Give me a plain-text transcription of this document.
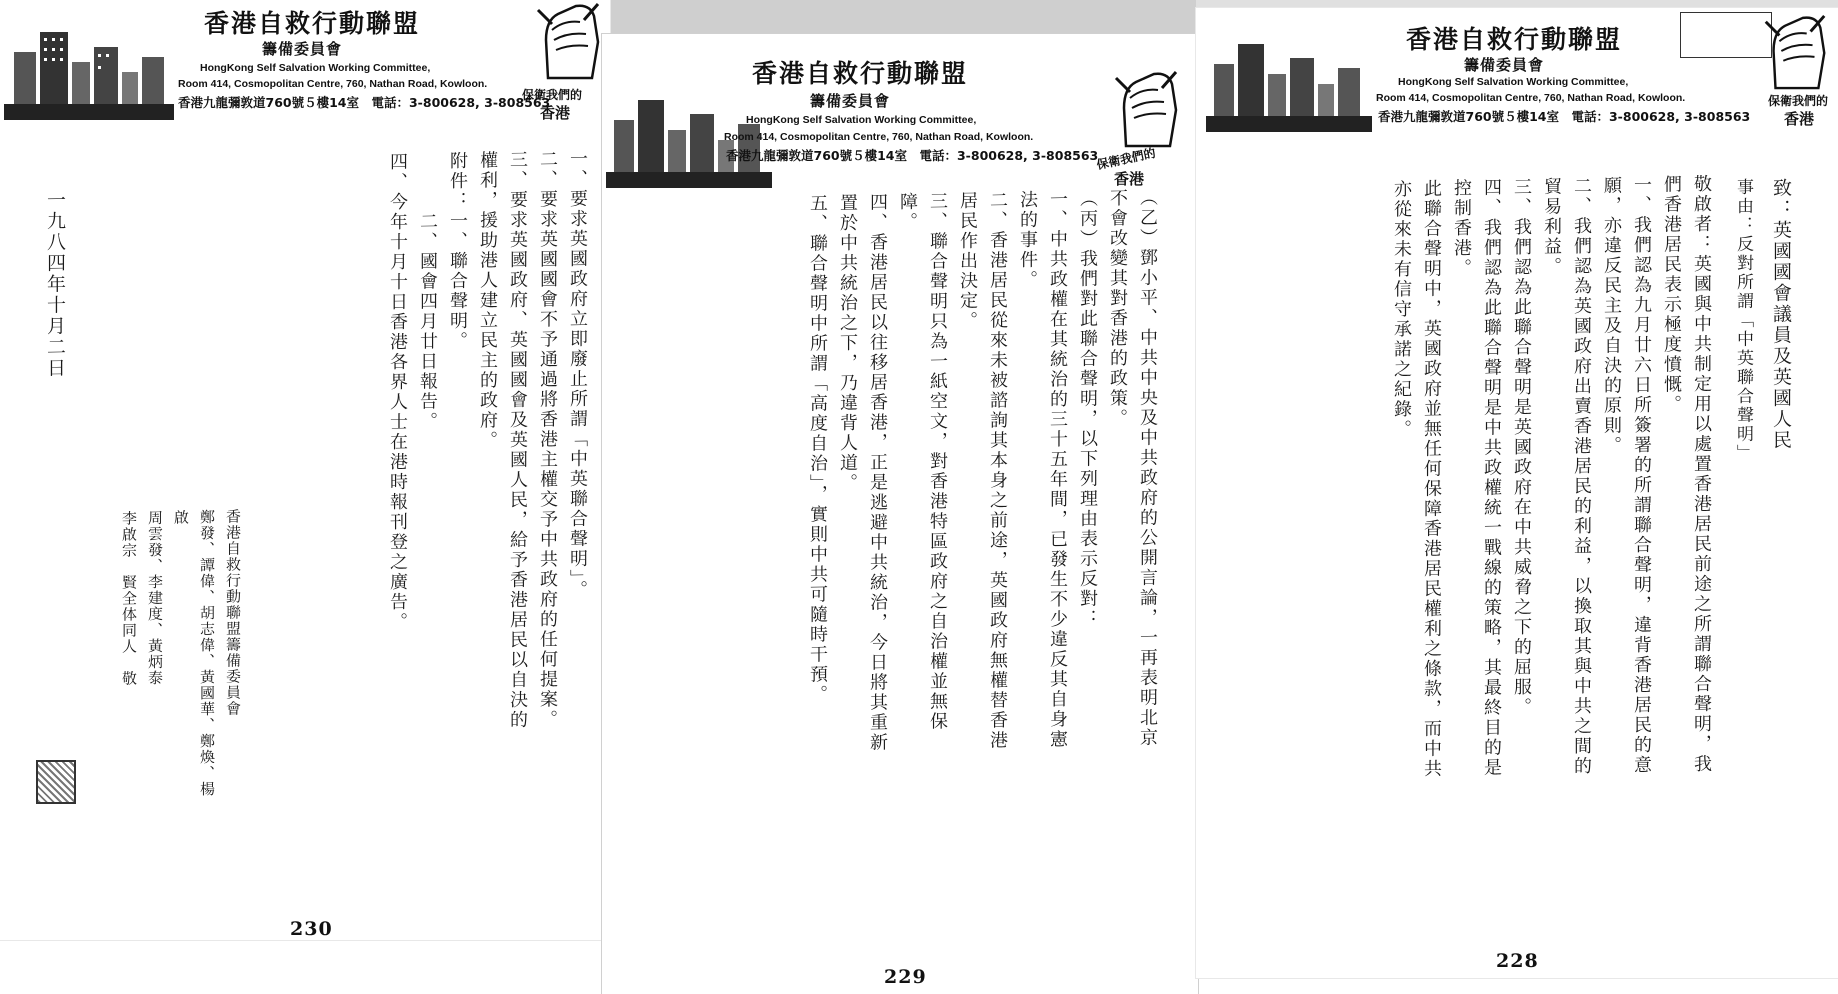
香港自救行動聯盟
籌備委員會
HongKong Self Salvation Working Committee,
Room 414, Cosmopolitan Centre, 760, Nathan Road, Kowloon.
香港九龍彌敦道760號５樓14室　電話：3-800628, 3-808563
保衛我們的
香港
一、要求英國政府立即廢止所謂「中英聯合聲明」。
二、要求英國國會不予通過將香港主權交予中共政府的任何提案。
三、要求英國政府、英國國會及英國人民，給予香港居民以自決的權利，援助港人建立民主的政府。
附件：一、聯合聲明。
　　　二、國會四月廿日報告。
四、今年十月十日香港各界人士在港時報刊登之廣告。
一九八四年十月二日
香港自救行動聯盟籌備委員會
鄭發、譚偉、胡志偉、黃國華、鄭煥、楊啟
周雲發、李建度、黃炳泰
李啟宗　賢全体同人　敬
230
香港自救行動聯盟
籌備委員會
HongKong Self Salvation Working Committee,
Room 414, Cosmopolitan Centre, 760, Nathan Road, Kowloon.
香港九龍彌敦道760號５樓14室　電話：3-800628, 3-808563
保衛我們的
香港
（乙）鄧小平、中共中央及中共政府的公開言論，一再表明北京不會改變其對香港的政策。
（丙）我們對此聯合聲明，以下列理由表示反對：
一、中共政權在其統治的三十五年間，已發生不少違反其自身憲法的事件。
二、香港居民從來未被諮詢其本身之前途，英國政府無權替香港居民作出決定。
三、聯合聲明只為一紙空文，對香港特區政府之自治權並無保障。
四、香港居民以往移居香港，正是逃避中共統治，今日將其重新置於中共統治之下，乃違背人道。
五、聯合聲明中所謂「高度自治」，實則中共可隨時干預。
229
香港自救行動聯盟
籌備委員會
HongKong Self Salvation Working Committee,
Room 414, Cosmopolitan Centre, 760, Nathan Road, Kowloon.
香港九龍彌敦道760號５樓14室　電話：3-800628, 3-808563
保衛我們的
香港
致：英國國會議員及英國人民
事由：反對所謂「中英聯合聲明」
敬啟者：英國與中共制定用以處置香港居民前途之所謂聯合聲明，我們香港居民表示極度憤慨。
一、我們認為九月廿六日所簽署的所謂聯合聲明，違背香港居民的意願，亦違反民主及自決的原則。
二、我們認為英國政府出賣香港居民的利益，以換取其與中共之間的貿易利益。
三、我們認為此聯合聲明是英國政府在中共威脅之下的屈服。
四、我們認為此聯合聲明是中共政權統一戰線的策略，其最終目的是控制香港。
此聯合聲明中，英國政府並無任何保障香港居民權利之條款，而中共亦從來未有信守承諾之紀錄。
228
